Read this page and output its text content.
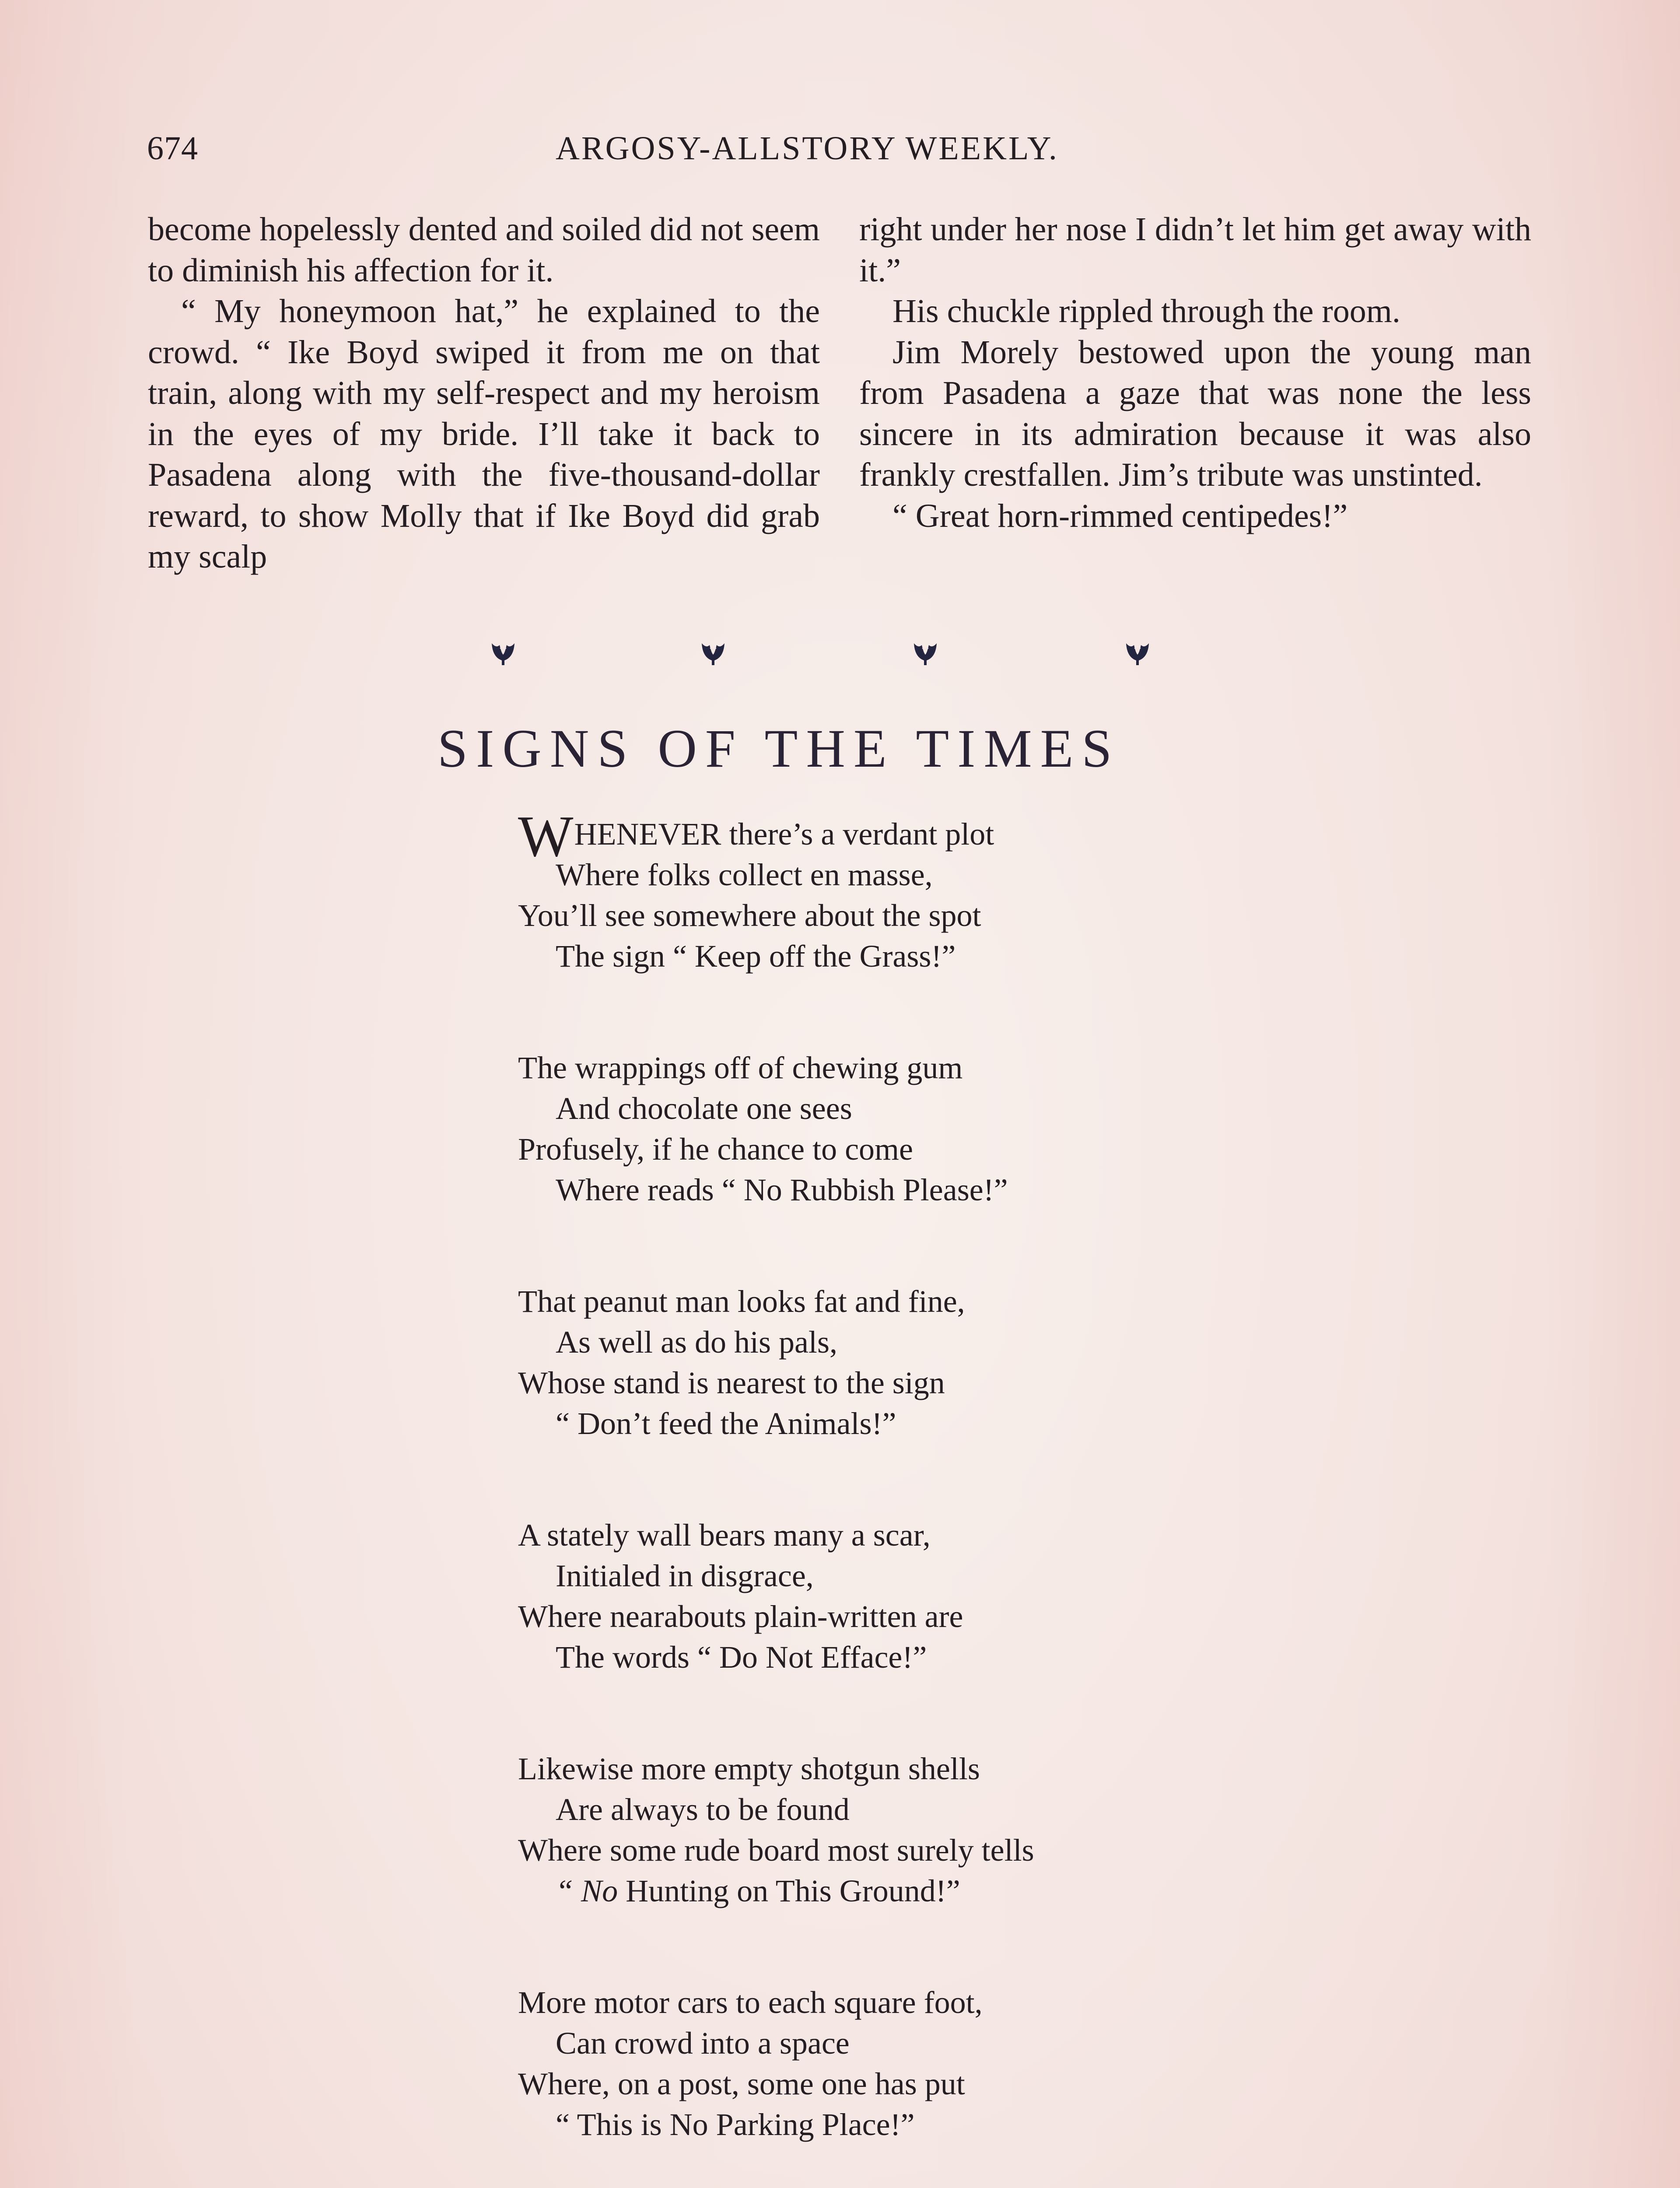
674	ARGOSY-ALLSTORY WEEKLY.

become hopelessly dented and soiled did not seem to diminish his affection for it.

“ My honeymoon hat,” he explained to the crowd. “ Ike Boyd swiped it from me on that train, along with my self-respect and my heroism in the eyes of my bride. I’ll take it back to Pasadena along with the five-thousand-dollar reward, to show Molly that if Ike Boyd did grab my scalp

right under her nose I didn’t let him get away with it.”

His chuckle rippled through the room.

Jim Morely bestowed upon the young man from Pasadena a gaze that was none the less sincere in its admiration because it was also frankly crestfallen. Jim’s tribute was unstinted.

“ Great horn-rimmed centipedes!”

SIGNS OF THE TIMES
WHENEVER there’s a verdant plot
Where folks collect en masse,
You’ll see somewhere about the spot
The sign “ Keep off the Grass!”
The wrappings off of chewing gum
And chocolate one sees
Profusely, if he chance to come
Where reads “ No Rubbish Please!”
That peanut man looks fat and fine,
As well as do his pals,
Whose stand is nearest to the sign
“ Don’t feed the Animals!”
A stately wall bears many a scar,
Initialed in disgrace,
Where nearabouts plain-written are
The words “ Do Not Efface!”
Likewise more empty shotgun shells
Are always to be found
Where some rude board most surely tells
“ No Hunting on This Ground!”
More motor cars to each square foot,
Can crowd into a space
Where, on a post, some one has put
“ This is No Parking Place!”
